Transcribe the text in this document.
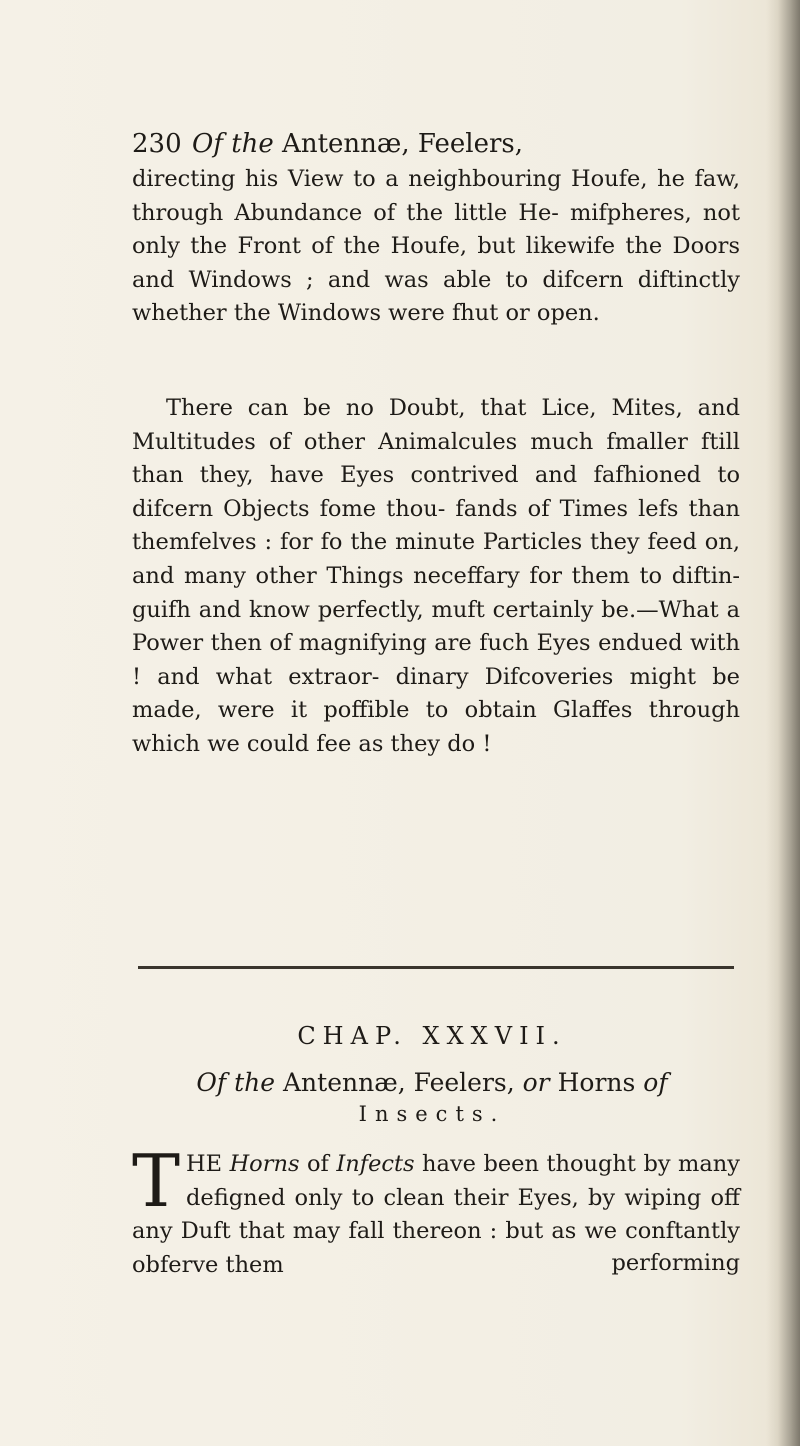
230 Of the Antennæ, Feelers,

directing his View to a neighbouring Houfe, he faw, through Abundance of the little He- mifpheres, not only the Front of the Houfe, but likewife the Doors and Windows ; and was able to difcern diftinctly whether the Windows were fhut or open.

There can be no Doubt, that Lice, Mites, and Multitudes of other Animalcules much fmaller ftill than they, have Eyes contrived and fafhioned to difcern Objects fome thou- fands of Times lefs than themfelves : for fo the minute Particles they feed on, and many other Things neceffary for them to diftin- guifh and know perfectly, muft certainly be.—What a Power then of magnifying are fuch Eyes endued with ! and what extraor- dinary Difcoveries might be made, were it poffible to obtain Glaffes through which we could fee as they do !

CHAP. XXXVII.
Of the Antennæ, Feelers, or Horns of
Insects.

THE Horns of Infects have been thought by many defigned only to clean their Eyes, by wiping off any Duft that may fall thereon : but as we conftantly obferve them	performing
